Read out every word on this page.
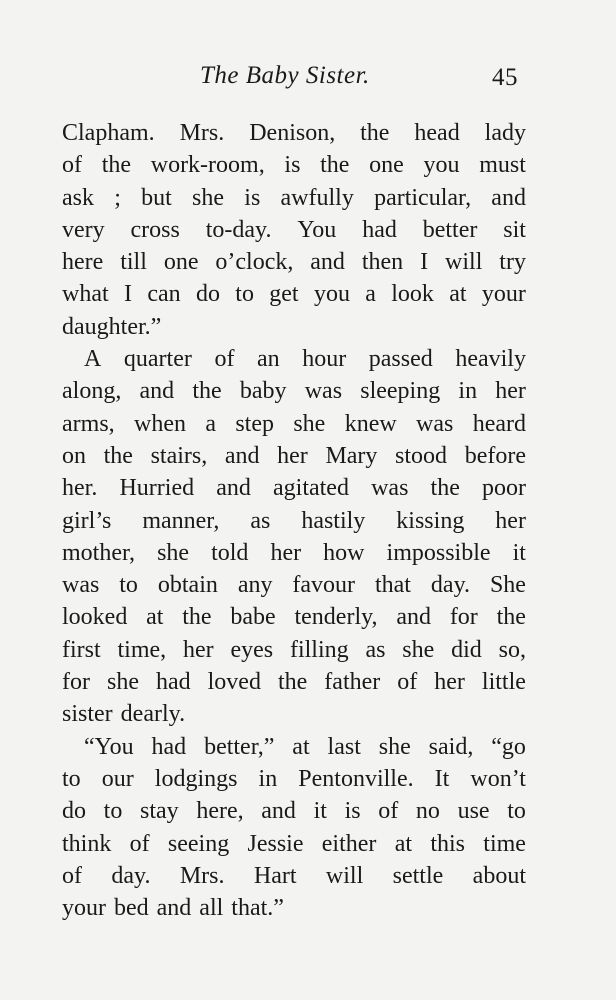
The Baby Sister.	45
Clapham. Mrs. Denison, the head lady
of the work-room, is the one you must
ask ; but she is awfully particular, and
very cross to-day. You had better sit
here till one o’clock, and then I will try
what I can do to get you a look at your
daughter.”
A quarter of an hour passed heavily
along, and the baby was sleeping in her
arms, when a step she knew was heard
on the stairs, and her Mary stood before
her. Hurried and agitated was the poor
girl’s manner, as hastily kissing her
mother, she told her how impossible it
was to obtain any favour that day. She
looked at the babe tenderly, and for the
first time, her eyes filling as she did so,
for she had loved the father of her little
sister dearly.
“You had better,” at last she said, “go
to our lodgings in Pentonville. It won’t
do to stay here, and it is of no use to
think of seeing Jessie either at this time
of day. Mrs. Hart will settle about
your bed and all that.”
